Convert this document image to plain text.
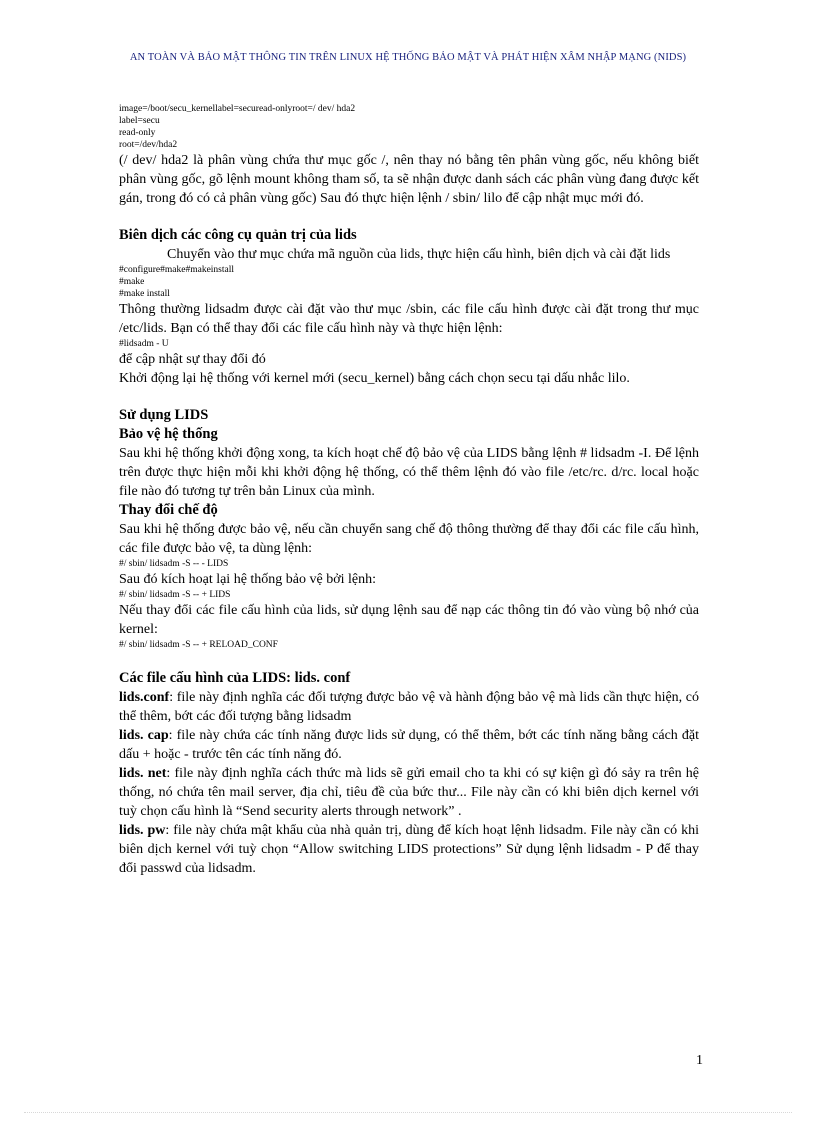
AN TOÀN VÀ BẢO MẬT THÔNG TIN TRÊN LINUX HỆ THỐNG BẢO MẬT VÀ PHÁT HIỆN XÂM NHẬP MẠNG (NIDS)

image=/boot/secu_kernellabel=securead-onlyroot=/ dev/ hda2

label=secu

read-only

root=/dev/hda2

(/ dev/ hda2 là phân vùng chứa thư mục gốc /, nên thay nó bằng tên phân vùng gốc, nếu không biết phân vùng gốc, gõ lệnh mount không tham số, ta sẽ nhận được danh sách các phân vùng đang được kết gán, trong đó có cả phân vùng gốc) Sau đó thực hiện lệnh / sbin/ lilo để cập nhật mục mới đó.

Biên dịch các công cụ quản trị của lids

Chuyển vào thư mục chứa mã nguồn của lids, thực hiện cấu hình, biên dịch và cài đặt lids

#configure#make#makeinstall

#make

#make install

Thông thường lidsadm được cài đặt vào thư mục /sbin, các file cấu hình được cài đặt trong thư mục /etc/lids. Bạn có thể thay đổi các file cấu hình này và thực hiện lệnh:

#lidsadm - U

để cập nhật sự thay đổi đó

Khởi động lại hệ thống với kernel mới (secu_kernel) bằng cách chọn secu tại dấu nhắc lilo.

Sử dụng LIDS

Bảo vệ hệ thống

Sau khi hệ thống khởi động xong, ta kích hoạt chế độ bảo vệ của LIDS bằng lệnh # lidsadm -I. Để lệnh trên được thực hiện mỗi khi khởi động hệ thống, có thể thêm lệnh đó vào file /etc/rc. d/rc. local hoặc file nào đó tương tự trên bản Linux của mình.

Thay đổi chế độ

Sau khi hệ thống được bảo vệ, nếu cần chuyển sang chế độ thông thường để thay đổi các file cấu hình, các file được bảo vệ, ta dùng lệnh:

#/ sbin/ lidsadm -S -- - LIDS

Sau đó kích hoạt lại hệ thống bảo vệ bởi lệnh:

#/ sbin/ lidsadm -S -- + LIDS

Nếu thay đổi các file cấu hình của lids, sử dụng lệnh sau để nạp các thông tin đó vào vùng bộ nhớ của kernel:

#/ sbin/ lidsadm -S -- + RELOAD_CONF

Các file cấu hình của LIDS: lids. conf

lids.conf: file này định nghĩa các đối tượng được bảo vệ và hành động bảo vệ mà lids cần thực hiện, có thể thêm, bớt các đối tượng bằng lidsadm

lids. cap: file này chứa các tính năng được lids sử dụng, có thể thêm, bớt các tính năng bằng cách đặt dấu + hoặc - trước tên các tính năng đó.

lids. net: file này định nghĩa cách thức mà lids sẽ gửi email cho ta khi có sự kiện gì đó sảy ra trên hệ thống, nó chứa tên mail server, địa chỉ, tiêu đề của bức thư... File này cần có khi biên dịch kernel với tuỳ chọn cấu hình là “Send security alerts through network” .

lids. pw: file này chứa mật khẩu của nhà quản trị, dùng để kích hoạt lệnh lidsadm. File này cần có khi biên dịch kernel với tuỳ chọn “Allow switching LIDS protections” Sử dụng lệnh lidsadm - P để thay đổi passwd của lidsadm.

1
